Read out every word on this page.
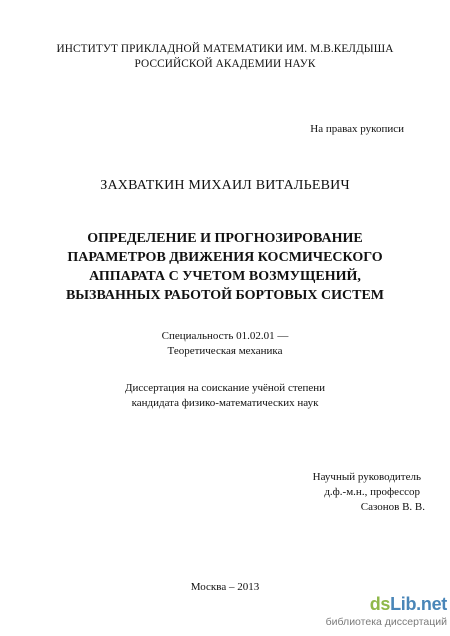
ИНСТИТУТ ПРИКЛАДНОЙ МАТЕМАТИКИ ИМ. М.В.КЕЛДЫША
РОССИЙСКОЙ АКАДЕМИИ НАУК
На правах рукописи
ЗАХВАТКИН МИХАИЛ ВИТАЛЬЕВИЧ
ОПРЕДЕЛЕНИЕ И ПРОГНОЗИРОВАНИЕ
ПАРАМЕТРОВ ДВИЖЕНИЯ КОСМИЧЕСКОГО
АППАРАТА С УЧЕТОМ ВОЗМУЩЕНИЙ,
ВЫЗВАННЫХ РАБОТОЙ БОРТОВЫХ СИСТЕМ
Специальность 01.02.01 —
Теоретическая механика
Диссертация на соискание учёной степени
кандидата физико-математических наук
Научный руководитель
д.ф.-м.н., профессор
Сазонов В. В.
Москва – 2013
dsLib.net
библиотека диссертаций
